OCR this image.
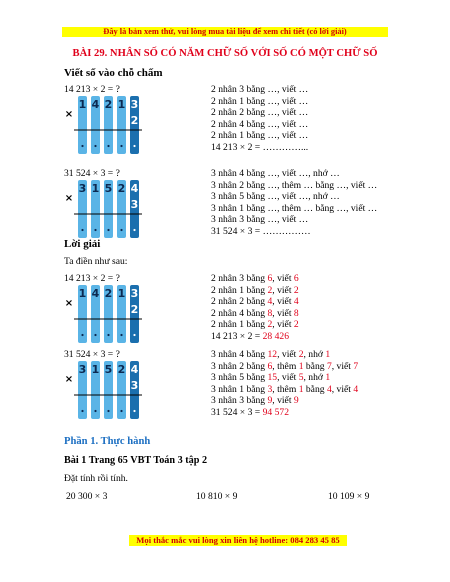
Đây là bản xem thử, vui lòng mua tài liệu để xem chi tiết (có lời giải)
BÀI 29. NHÂN SỐ CÓ NĂM CHỮ SỐ VỚI SỐ CÓ MỘT CHỮ SỐ
Viết số vào chỗ chấm
14 213 × 2 = ?
1 4 2 1 3
2
×
2 nhân 3 bằng …, viết …
2 nhân 1 bằng …, viết …
2 nhân 2 bằng …, viết …
2 nhân 4 bằng …, viết …
2 nhân 1 bằng …, viết …
14 213 × 2 = …………...
31 524 × 3 = ?
3 1 5 2 4
3
×
3 nhân 4 bằng …, viết …, nhớ …
3 nhân 2 bằng …, thêm … bằng …, viết …
3 nhân 5 bằng …, viết …, nhớ …
3 nhân 1 bằng …, thêm … bằng …, viết …
3 nhân 3 bằng …, viết …
31 524 × 3 = ……………
Lời giải
Ta điền như sau:
14 213 × 2 = ?
1 4 2 1 3
2
×
2 nhân 3 bằng 6, viết 6
2 nhân 1 bằng 2, viết 2
2 nhân 2 bằng 4, viết 4
2 nhân 4 bằng 8, viết 8
2 nhân 1 bằng 2, viết 2
14 213 × 2 = 28 426
31 524 × 3 = ?
3 1 5 2 4
3
×
3 nhân 4 bằng 12, viết 2, nhớ 1
3 nhân 2 bằng 6, thêm 1 bằng 7, viết 7
3 nhân 5 bằng 15, viết 5, nhớ 1
3 nhân 1 bằng 3, thêm 1 bằng 4, viết 4
3 nhân 3 bằng 9, viết 9
31 524 × 3 = 94 572
Phần 1. Thực hành
Bài 1 Trang 65 VBT Toán 3 tập 2
Đặt tính rồi tính.
20 300 × 3	10 810 × 9	10 109 × 9
Mọi thắc mắc vui lòng xin liên hệ hotline: 084 283 45 85
